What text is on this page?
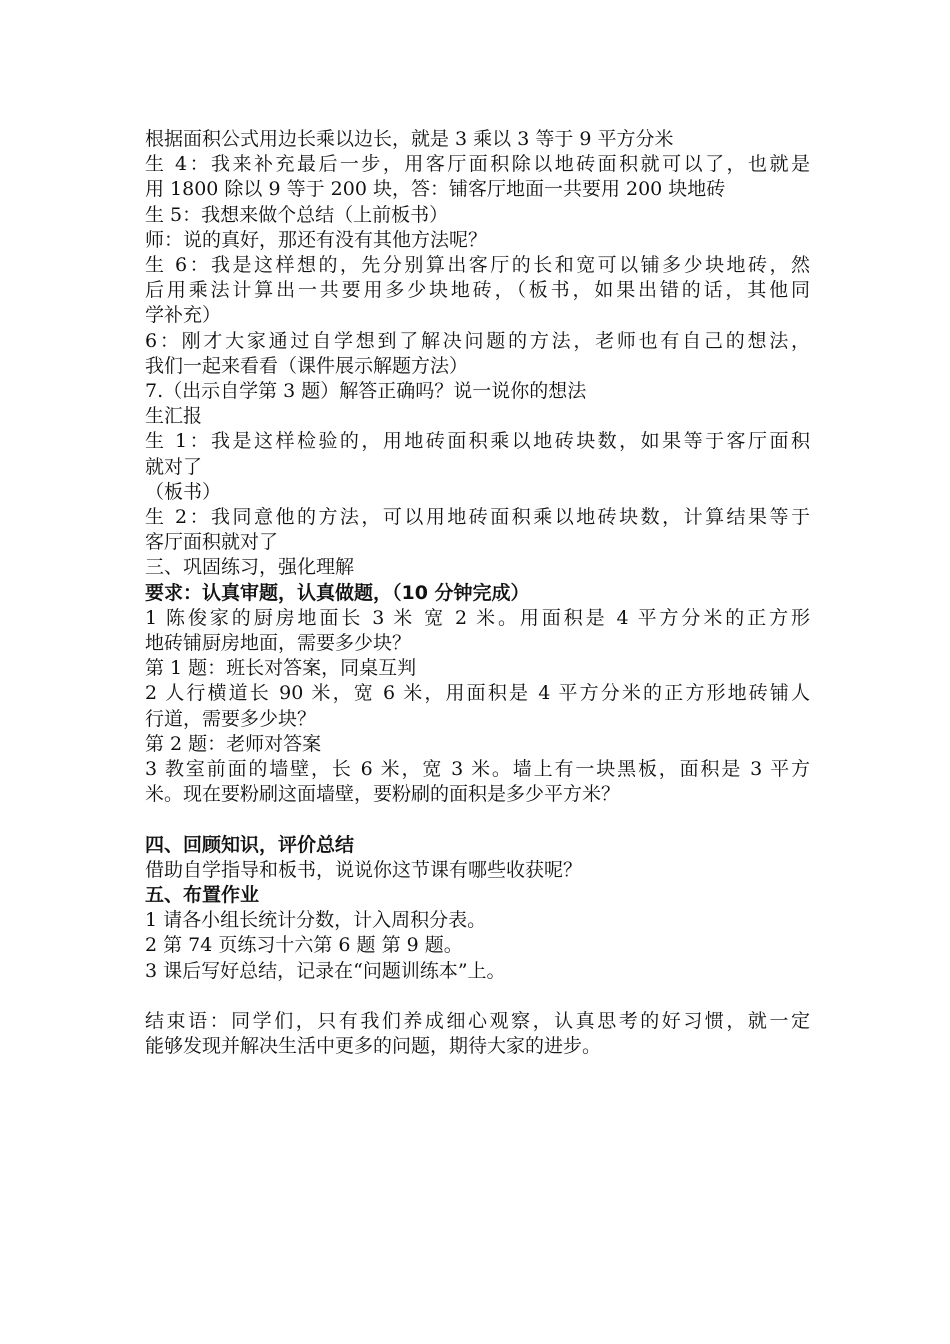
根据面积公式用边长乘以边长，就是 3 乘以 3 等于 9 平方分米
生 4：我来补充最后一步，用客厅面积除以地砖面积就可以了，也就是
用 1800 除以 9 等于 200 块，答：铺客厅地面一共要用 200 块地砖
生 5：我想来做个总结（上前板书）
师：说的真好，那还有没有其他方法呢？
生 6：我是这样想的，先分别算出客厅的长和宽可以铺多少块地砖，然
后用乘法计算出一共要用多少块地砖，（板书，如果出错的话，其他同
学补充）
6：刚才大家通过自学想到了解决问题的方法，老师也有自己的想法，
我们一起来看看（课件展示解题方法）
7.（出示自学第 3 题）解答正确吗？说一说你的想法
生汇报
生 1：我是这样检验的，用地砖面积乘以地砖块数，如果等于客厅面积
就对了
（板书）
生 2：我同意他的方法，可以用地砖面积乘以地砖块数，计算结果等于
客厅面积就对了
三、巩固练习，强化理解
要求：认真审题，认真做题，（10 分钟完成）
1 陈俊家的厨房地面长 3 米 宽 2 米。用面积是 4 平方分米的正方形
地砖铺厨房地面，需要多少块？
第 1 题：班长对答案，同桌互判
2 人行横道长 90 米，宽 6 米，用面积是 4 平方分米的正方形地砖铺人
行道，需要多少块？
第 2 题：老师对答案
3 教室前面的墙壁，长 6 米，宽 3 米。墙上有一块黑板，面积是 3 平方
米。现在要粉刷这面墙壁，要粉刷的面积是多少平方米？
四、回顾知识，评价总结
借助自学指导和板书，说说你这节课有哪些收获呢？
五、布置作业
1 请各小组长统计分数，计入周积分表。
2 第 74 页练习十六第 6 题 第 9 题。
3 课后写好总结，记录在“问题训练本”上。
结束语：同学们，只有我们养成细心观察，认真思考的好习惯，就一定
能够发现并解决生活中更多的问题，期待大家的进步。
